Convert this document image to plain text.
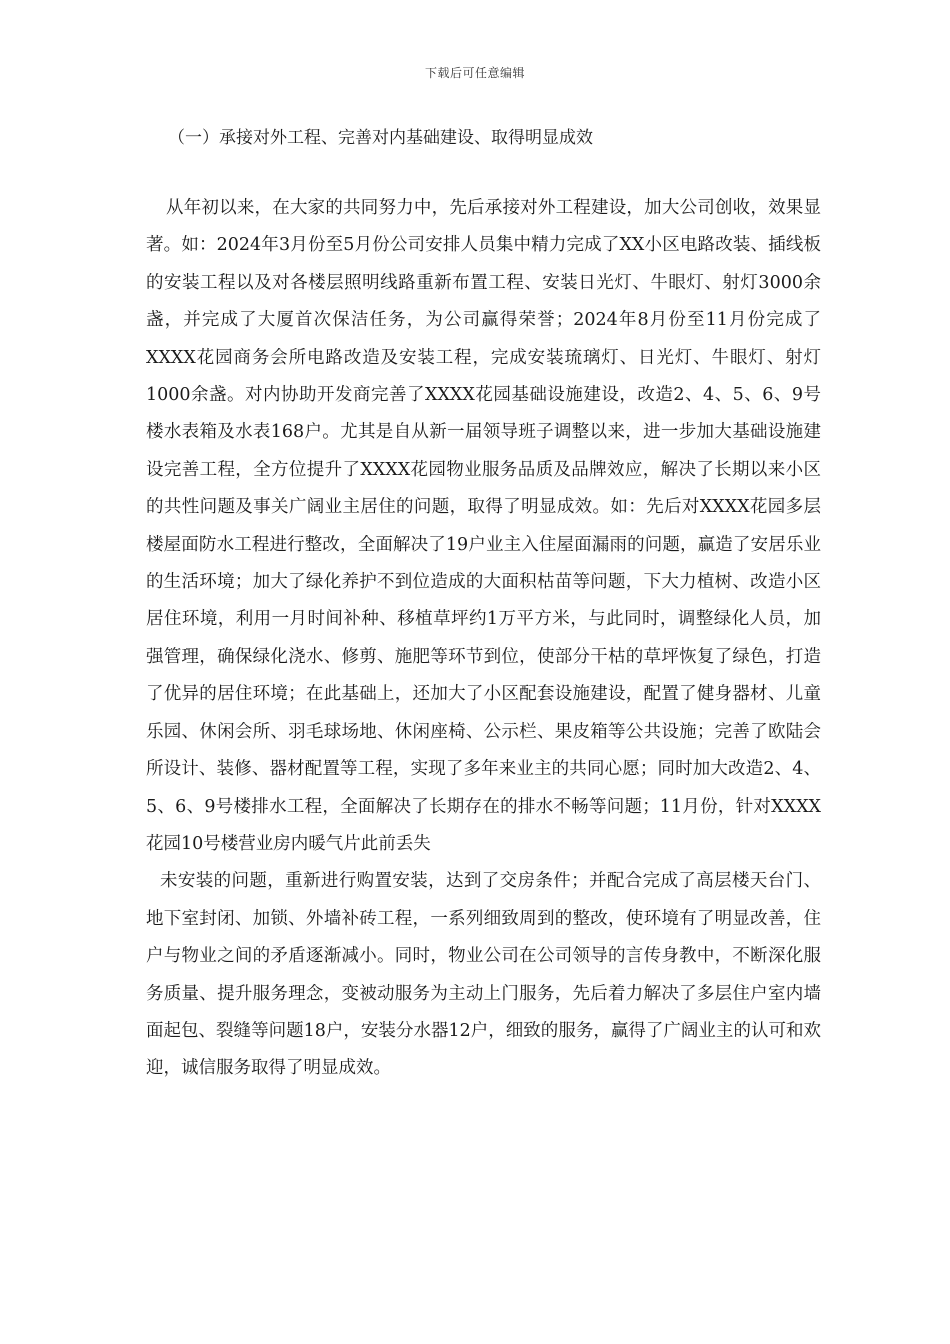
下载后可任意编辑
（一）承接对外工程、完善对内基础建设、取得明显成效

从年初以来，在大家的共同努力中，先后承接对外工程建设，加大公司创收，效果显著。如：2024年3月份至5月份公司安排人员集中精力完成了XX小区电路改装、插线板的安装工程以及对各楼层照明线路重新布置工程、安装日光灯、牛眼灯、射灯3000余盏，并完成了大厦首次保洁任务，为公司赢得荣誉；2024年8月份至11月份完成了XXXX花园商务会所电路改造及安装工程，完成安装琉璃灯、日光灯、牛眼灯、射灯1000余盏。对内协助开发商完善了XXXX花园基础设施建设，改造2、4、5、6、9号楼水表箱及水表168户。尤其是自从新一届领导班子调整以来，进一步加大基础设施建设完善工程，全方位提升了XXXX花园物业服务品质及品牌效应，解决了长期以来小区的共性问题及事关广阔业主居住的问题，取得了明显成效。如：先后对XXXX花园多层楼屋面防水工程进行整改，全面解决了19户业主入住屋面漏雨的问题，赢造了安居乐业的生活环境；加大了绿化养护不到位造成的大面积枯苗等问题，下大力植树、改造小区居住环境，利用一月时间补种、移植草坪约1万平方米，与此同时，调整绿化人员，加强管理，确保绿化浇水、修剪、施肥等环节到位，使部分干枯的草坪恢复了绿色，打造了优异的居住环境；在此基础上，还加大了小区配套设施建设，配置了健身器材、儿童乐园、休闲会所、羽毛球场地、休闲座椅、公示栏、果皮箱等公共设施；完善了欧陆会所设计、装修、器材配置等工程，实现了多年来业主的共同心愿；同时加大改造2、4、5、6、9号楼排水工程，全面解决了长期存在的排水不畅等问题；11月份，针对XXXX花园10号楼营业房内暖气片此前丢失

未安装的问题，重新进行购置安装，达到了交房条件；并配合完成了高层楼天台门、地下室封闭、加锁、外墙补砖工程，一系列细致周到的整改，使环境有了明显改善，住户与物业之间的矛盾逐渐减小。同时，物业公司在公司领导的言传身教中，不断深化服务质量、提升服务理念，变被动服务为主动上门服务，先后着力解决了多层住户室内墙面起包、裂缝等问题18户，安装分水器12户，细致的服务，赢得了广阔业主的认可和欢迎，诚信服务取得了明显成效。
